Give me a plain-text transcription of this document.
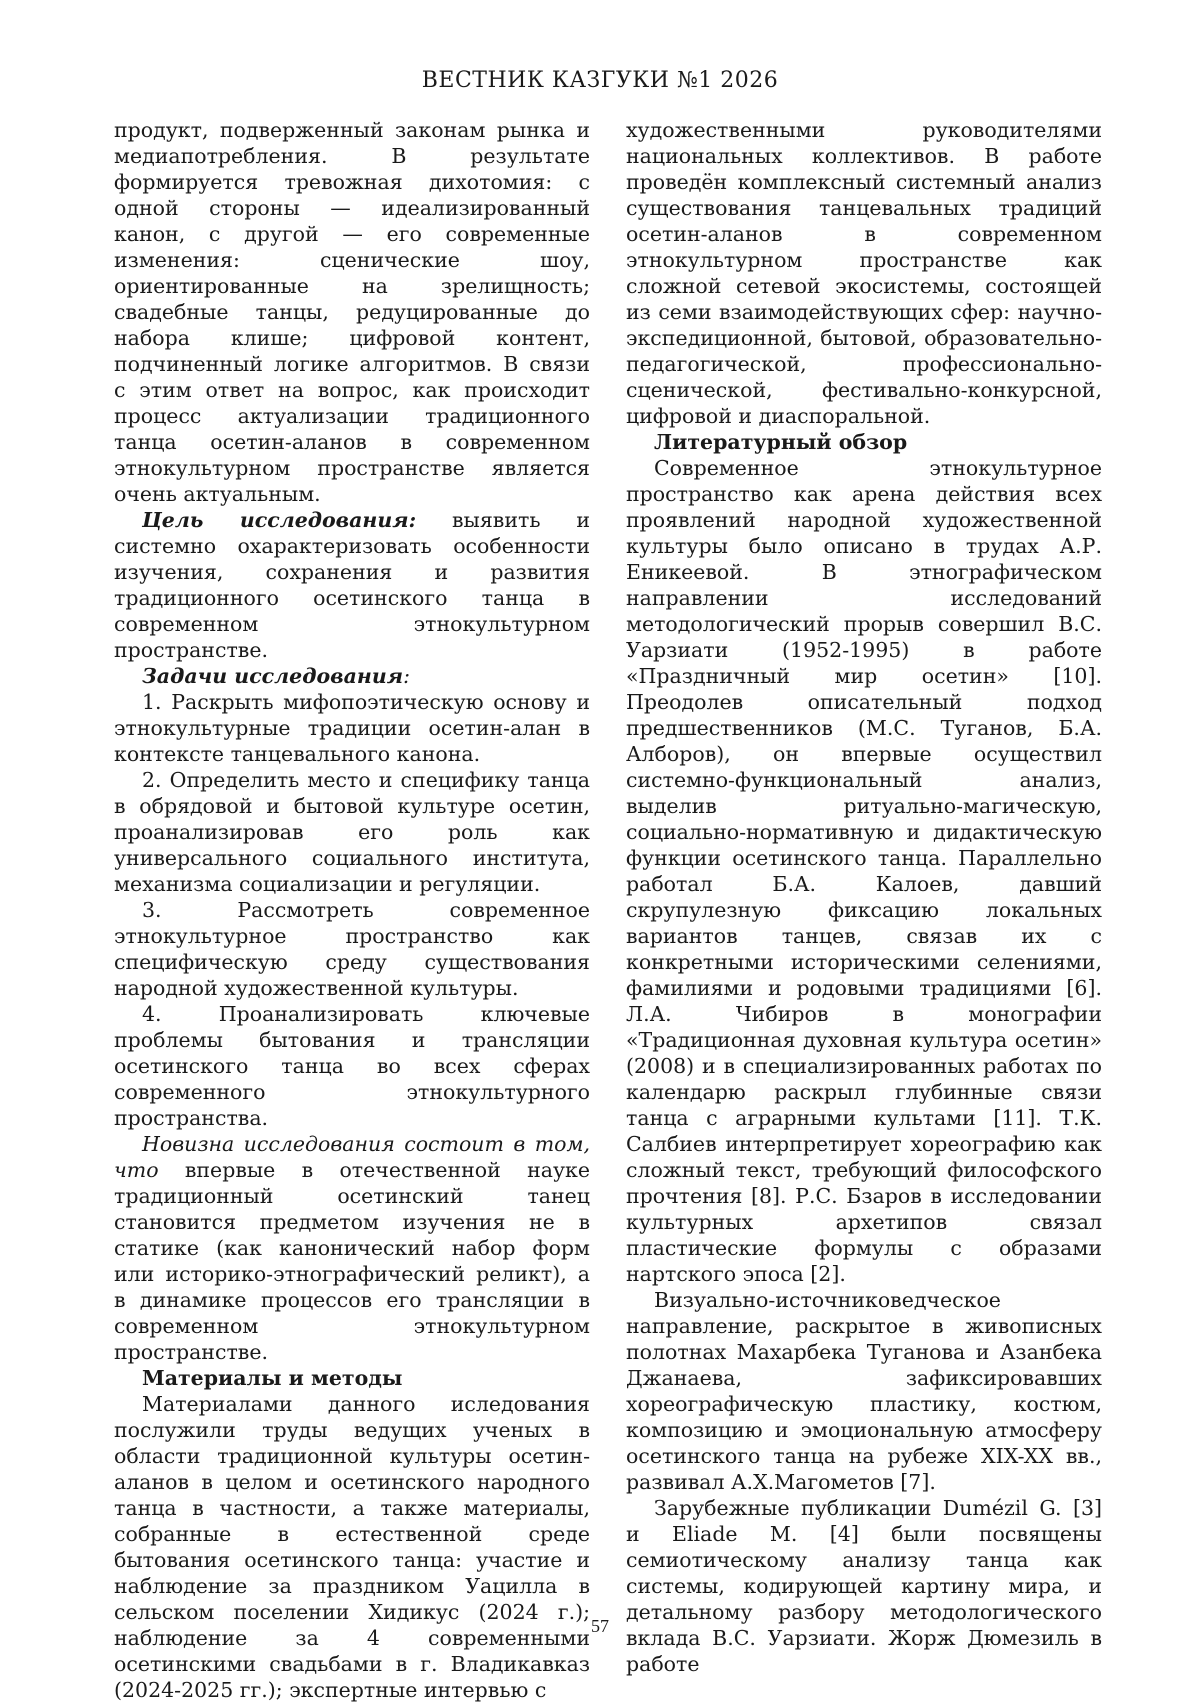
ВЕСТНИК КАЗГУКИ №1 2026

продукт, подверженный законам рынка и медиапотребления. В результате формируется тревожная дихотомия: с одной стороны — идеализированный канон, с другой — его современные изменения: сценические шоу, ориентированные на зрелищность; свадебные танцы, редуцированные до набора клише; цифровой контент, подчиненный логике алгоритмов. В связи с этим ответ на вопрос, как происходит процесс актуализации традиционного танца осетин-аланов в современном этнокультурном пространстве является очень актуальным.

Цель исследования: выявить и системно охарактеризовать особенности изучения, сохранения и развития традиционного осетинского танца в современном этнокультурном пространстве.

Задачи исследования:

1. Раскрыть мифопоэтическую основу и этнокультурные традиции осетин-алан в контексте танцевального канона.

2. Определить место и специфику танца в обрядовой и бытовой культуре осетин, проанализировав его роль как универсального социального института, механизма социализации и регуляции.

3. Рассмотреть современное этнокультурное пространство как специфическую среду существования народной художественной культуры.

4. Проанализировать ключевые проблемы бытования и трансляции осетинского танца во всех сферах современного этнокультурного пространства.

Новизна исследования состоит в том, что впервые в отечественной науке традиционный осетинский танец становится предметом изучения не в статике (как канонический набор форм или историко-этнографический реликт), а в динамике процессов его трансляции в современном этнокультурном пространстве.

Материалы и методы

Материалами данного иследования послужили труды ведущих ученых в области традиционной культуры осетин-аланов в целом и осетинского народного танца в частности, а также материалы, собранные в естественной среде бытования осетинского танца: участие и наблюдение за праздником Уацилла в сельском поселении Хидикус (2024 г.); наблюдение за 4 современными осетинскими свадьбами в г. Владикавказ (2024-2025 гг.); экспертные интервью с

художественными руководителями национальных коллективов. В работе проведён комплексный системный анализ существования танцевальных традиций осетин-аланов в современном этнокультурном пространстве как сложной сетевой экосистемы, состоящей из семи взаимодействующих сфер: научно-экспедиционной, бытовой, образовательно-педагогической, профессионально-сценической, фестивально-конкурсной, цифровой и диаспоральной.

Литературный обзор

Современное этнокультурное пространство как арена действия всех проявлений народной художественной культуры было описано в трудах А.Р. Еникеевой. В этнографическом направлении исследований методологический прорыв совершил В.С. Уарзиати (1952-1995) в работе «Праздничный мир осетин» [10]. Преодолев описательный подход предшественников (М.С. Туганов, Б.А. Алборов), он впервые осуществил системно-функциональный анализ, выделив ритуально-магическую, социально-нормативную и дидактическую функции осетинского танца. Параллельно работал Б.А. Калоев, давший скрупулезную фиксацию локальных вариантов танцев, связав их с конкретными историческими селениями, фамилиями и родовыми традициями [6]. Л.А. Чибиров в монографии «Традиционная духовная культура осетин» (2008) и в специализированных работах по календарю раскрыл глубинные связи танца с аграрными культами [11]. Т.К. Салбиев интерпретирует хореографию как сложный текст, требующий философского прочтения [8]. Р.С. Бзаров в исследовании культурных архетипов связал пластические формулы с образами нартского эпоса [2].

Визуально-источниковедческое направление, раскрытое в живописных полотнах Махарбека Туганова и Азанбека Джанаева, зафиксировавших хореографическую пластику, костюм, композицию и эмоциональную атмосферу осетинского танца на рубеже XIX-XX вв., развивал А.Х.Магометов [7].

Зарубежные публикации Dumézil G. [3] и Eliade M. [4] были посвящены семиотическому анализу танца как системы, кодирующей картину мира, и детальному разбору методологического вклада В.С. Уарзиати. Жорж Дюмезиль в работе

57
